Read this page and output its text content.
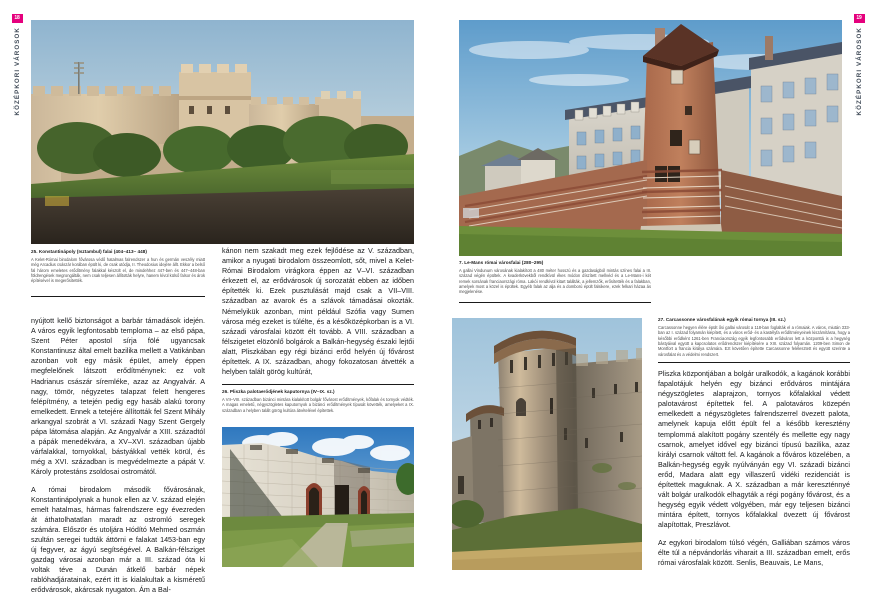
18
KÖZÉPKORI VÁROSOK

25. Konstantinápoly (Isztambul) falai (404–413– 448)

A Kelet-Római birodalom fővárosa védő hatalmas falrendszer a hun és germán veszély miatt még Arcadius császár korában épült ki, de csak utódja, II. Theodosius idejére állt. Ekkor a belső fal három emeletes erődítmény falakkal készült el, de mindehhez 447-ben és 447–448-ban földrengések megrongálták, nem csak teljesen állították helyre, hanem kívül külső falsor és árok építésével is megerősítették.

nyújtott kellő biztonságot a barbár támadások idején. A város egyik legfontosabb temploma – az első pápa, Szent Péter apostol sírja fölé ugyancsak Konstantinusz által emelt bazilika mellett a Vatikánban azonban volt egy másik épület, amely éppen megfelelőnek látszott erődítménynek: ez volt Hadrianus császár síremléke, azaz az Angyalvár. A nagy, tömör, négyzetes talapzat felett hengeres felépítmény, a tetején pedig egy hasáb alakú torony emelkedett. Ennek a tetejére állították fel Szent Mihály arkangyal szobrát a VI. századi Nagy Szent Gergely pápa látomása alapján. Az Angyalvár a XIII. századtól a pápák menedékvára, a XV–XVI. században újabb várfalakkal, tornyokkal, bástyákkal vették körül, és még a XVI. században is megvédelmezte a pápát V. Károly protestáns zsoldosai ostromától.

A római birodalom második fővárosának, Konstantinápolynak a hunok ellen az V. század elején emelt hatalmas, hármas falrendszere egy évezreden át áthatolhatatlan maradt az ostromló seregek számára. Először és utoljára Hódító Mehmed oszmán szultán seregei tudták áttörni e falakat 1453-ban egy új fegyver, az ágyú segítségével. A Balkán-félsziget gazdag városai azonban már a III. század óta ki voltak téve a Dunán átkelő barbár népek rablóhadjáratainak, ezért itt is kialakultak a kisméretű erődvárosok, akárcsak nyugaton. Ám a Bal-

kánon nem szakadt meg ezek fejlődése az V. században, amikor a nyugati birodalom összeomlott, sőt, mivel a Kelet-Római Birodalom virágkora éppen az V–VI. században érkezett el, az erődvárosok új sorozatát ebben az időben építették ki. Ezek pusztulását majd csak a VII–VIII. században az avarok és a szlávok támadásai okozták. Némelyikük azonban, mint például Szófia vagy Sumen városa még ezeket is túlélte, és a későközépkorban is a VI. századi városfalai között élt tovább. A VIII. században a félszigetet elözönlő bolgárok a Balkán-hegység északi lejtői alatt, Pliszkában egy régi bizánci erőd helyén új fővárost építettek. A IX. században, ahogy fokozatosan átvették a helyben talált görög kultúrát,

26. Pliszka palotaerődjének kaputornya (IV–IX. sz.)

A VII–VIII. században bizánci mintára kialakított bolgár fővárost erődítmények, kőfalak és tornyok védték. A magas emeletű, négyszögletes kaputornyok a bizánci erődítmények típusát követték, amelyeket a IX. században a helyben talált görög kultúra átvételével építettek.

19
KÖZÉPKORI VÁROSOK

7. Le-Mans római városfalai (280–295)

A gallai Vindunum városának kialakított a 480 méter hosszú és a gazdaságból mintás színes falai a III. század végén épültek. A kvaderkövekből rendkívül ékes módon díszített mellvéd és a Le-Mans-i két remek sorsának franciaországi róma. Lakói rendkívül kitart találták, a jellemzők, erősítették és a falakban, amelyek most a közel is épültek. Egyéb falak az alja és a domború épült falsikere, ezek felkari házaa ás megjelenése.

27. Carcassonne városfalának egyik római tornya (III. sz.)

Carcassonne hegyen élére épült ősi gallai városát a 118-ban foglalták el a rómaiak. A város, miután 333-ban az I. század folyamán kiépített, és a város erőd- és a kastélyfa erődítményeinek kiszámításra, hogy a későbbi erődként 1261-ben Franciaország egyik legfontosabb erődváros lett a központtá is a hegység bástyáival együtt a kapcsolatos erődrendszer kiépítésére a XIII. század folyamán. 1209-ben Simon de Montfort a francia királya számára. Ezt követően építette Carcassonne felélesztett és együtt szerinte a városfalat és a védelmi rendszert.

Pliszka központjában a bolgár uralkodók, a kagánok korábbi fapalotájuk helyén egy bizánci erődváros mintájára négyszögletes alaprajzon, tornyos kőfalakkal védett palotavárost építettek fel. A palotaváros közepén emelkedett a négyszögletes falrendszerrel övezett palota, amelynek kapuja előtt épült fel a később keresztény templommá alakított pogány szentély és mellette egy nagy csarnok, amelyet idővel egy bizánci típusú bazilika, azaz királyi csarnok váltott fel. A kagánok a főváros közelében, a Balkán-hegység egyik nyúlványán egy VI. századi bizánci erőd, Madara alatt egy villaszerű vidéki rezidenciát is építettek maguknak. A X. században a már kereszténnyé vált bolgár uralkodók elhagyták a régi pogány fővárost, és a hegység egyik védett völgyében, már egy teljesen bizánci mintára épített, tornyos kőfalakkal övezett új fővárost alapítottak, Preszlávot.

Az egykori birodalom túlsó végén, Galliában számos város élte túl a népvándorlás viharait a III. században emelt, erős római városfalak között. Senlis, Beauvais, Le Mans,
